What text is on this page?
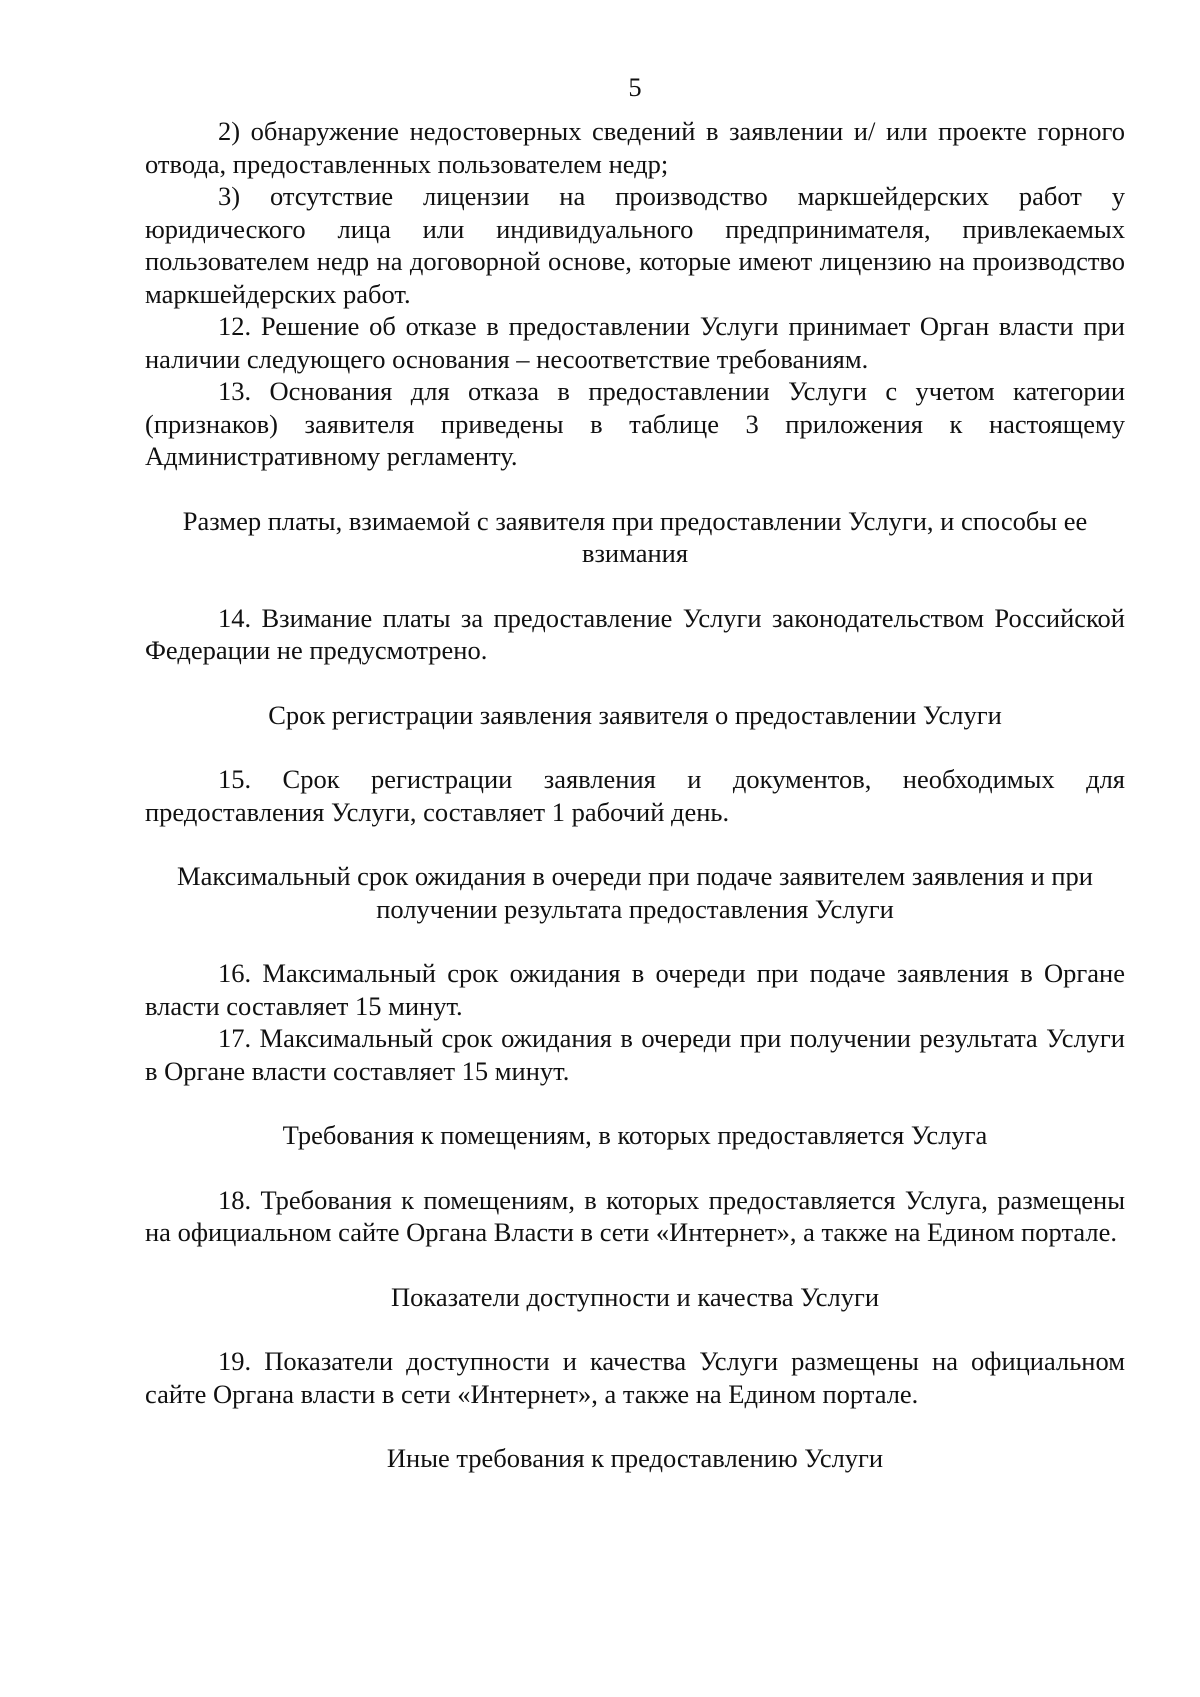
5

2) обнаружение недостоверных сведений в заявлении и/ или проекте горного отвода, предоставленных пользователем недр;

3) отсутствие лицензии на производство маркшейдерских работ у юридического лица или индивидуального предпринимателя, привлекаемых пользователем недр на договорной основе, которые имеют лицензию на производство маркшейдерских работ.

12. Решение об отказе в предоставлении Услуги принимает Орган власти при наличии следующего основания – несоответствие требованиям.

13. Основания для отказа в предоставлении Услуги с учетом категории (признаков) заявителя приведены в таблице 3 приложения к настоящему Административному регламенту.

Размер платы, взимаемой с заявителя при предоставлении Услуги, и способы ее взимания

14. Взимание платы за предоставление Услуги законодательством Российской Федерации не предусмотрено.

Срок регистрации заявления заявителя о предоставлении Услуги

15. Срок регистрации заявления и документов, необходимых для предоставления Услуги, составляет 1 рабочий день.

Максимальный срок ожидания в очереди при подаче заявителем заявления и при получении результата предоставления Услуги

16. Максимальный срок ожидания в очереди при подаче заявления в Органе власти составляет 15 минут.

17. Максимальный срок ожидания в очереди при получении результата Услуги в Органе власти составляет 15 минут.

Требования к помещениям, в которых предоставляется Услуга

18. Требования к помещениям, в которых предоставляется Услуга, размещены на официальном сайте Органа Власти в сети «Интернет», а также на Едином портале.

Показатели доступности и качества Услуги

19. Показатели доступности и качества Услуги размещены на официальном сайте Органа власти в сети «Интернет», а также на Едином портале.

Иные требования к предоставлению Услуги
